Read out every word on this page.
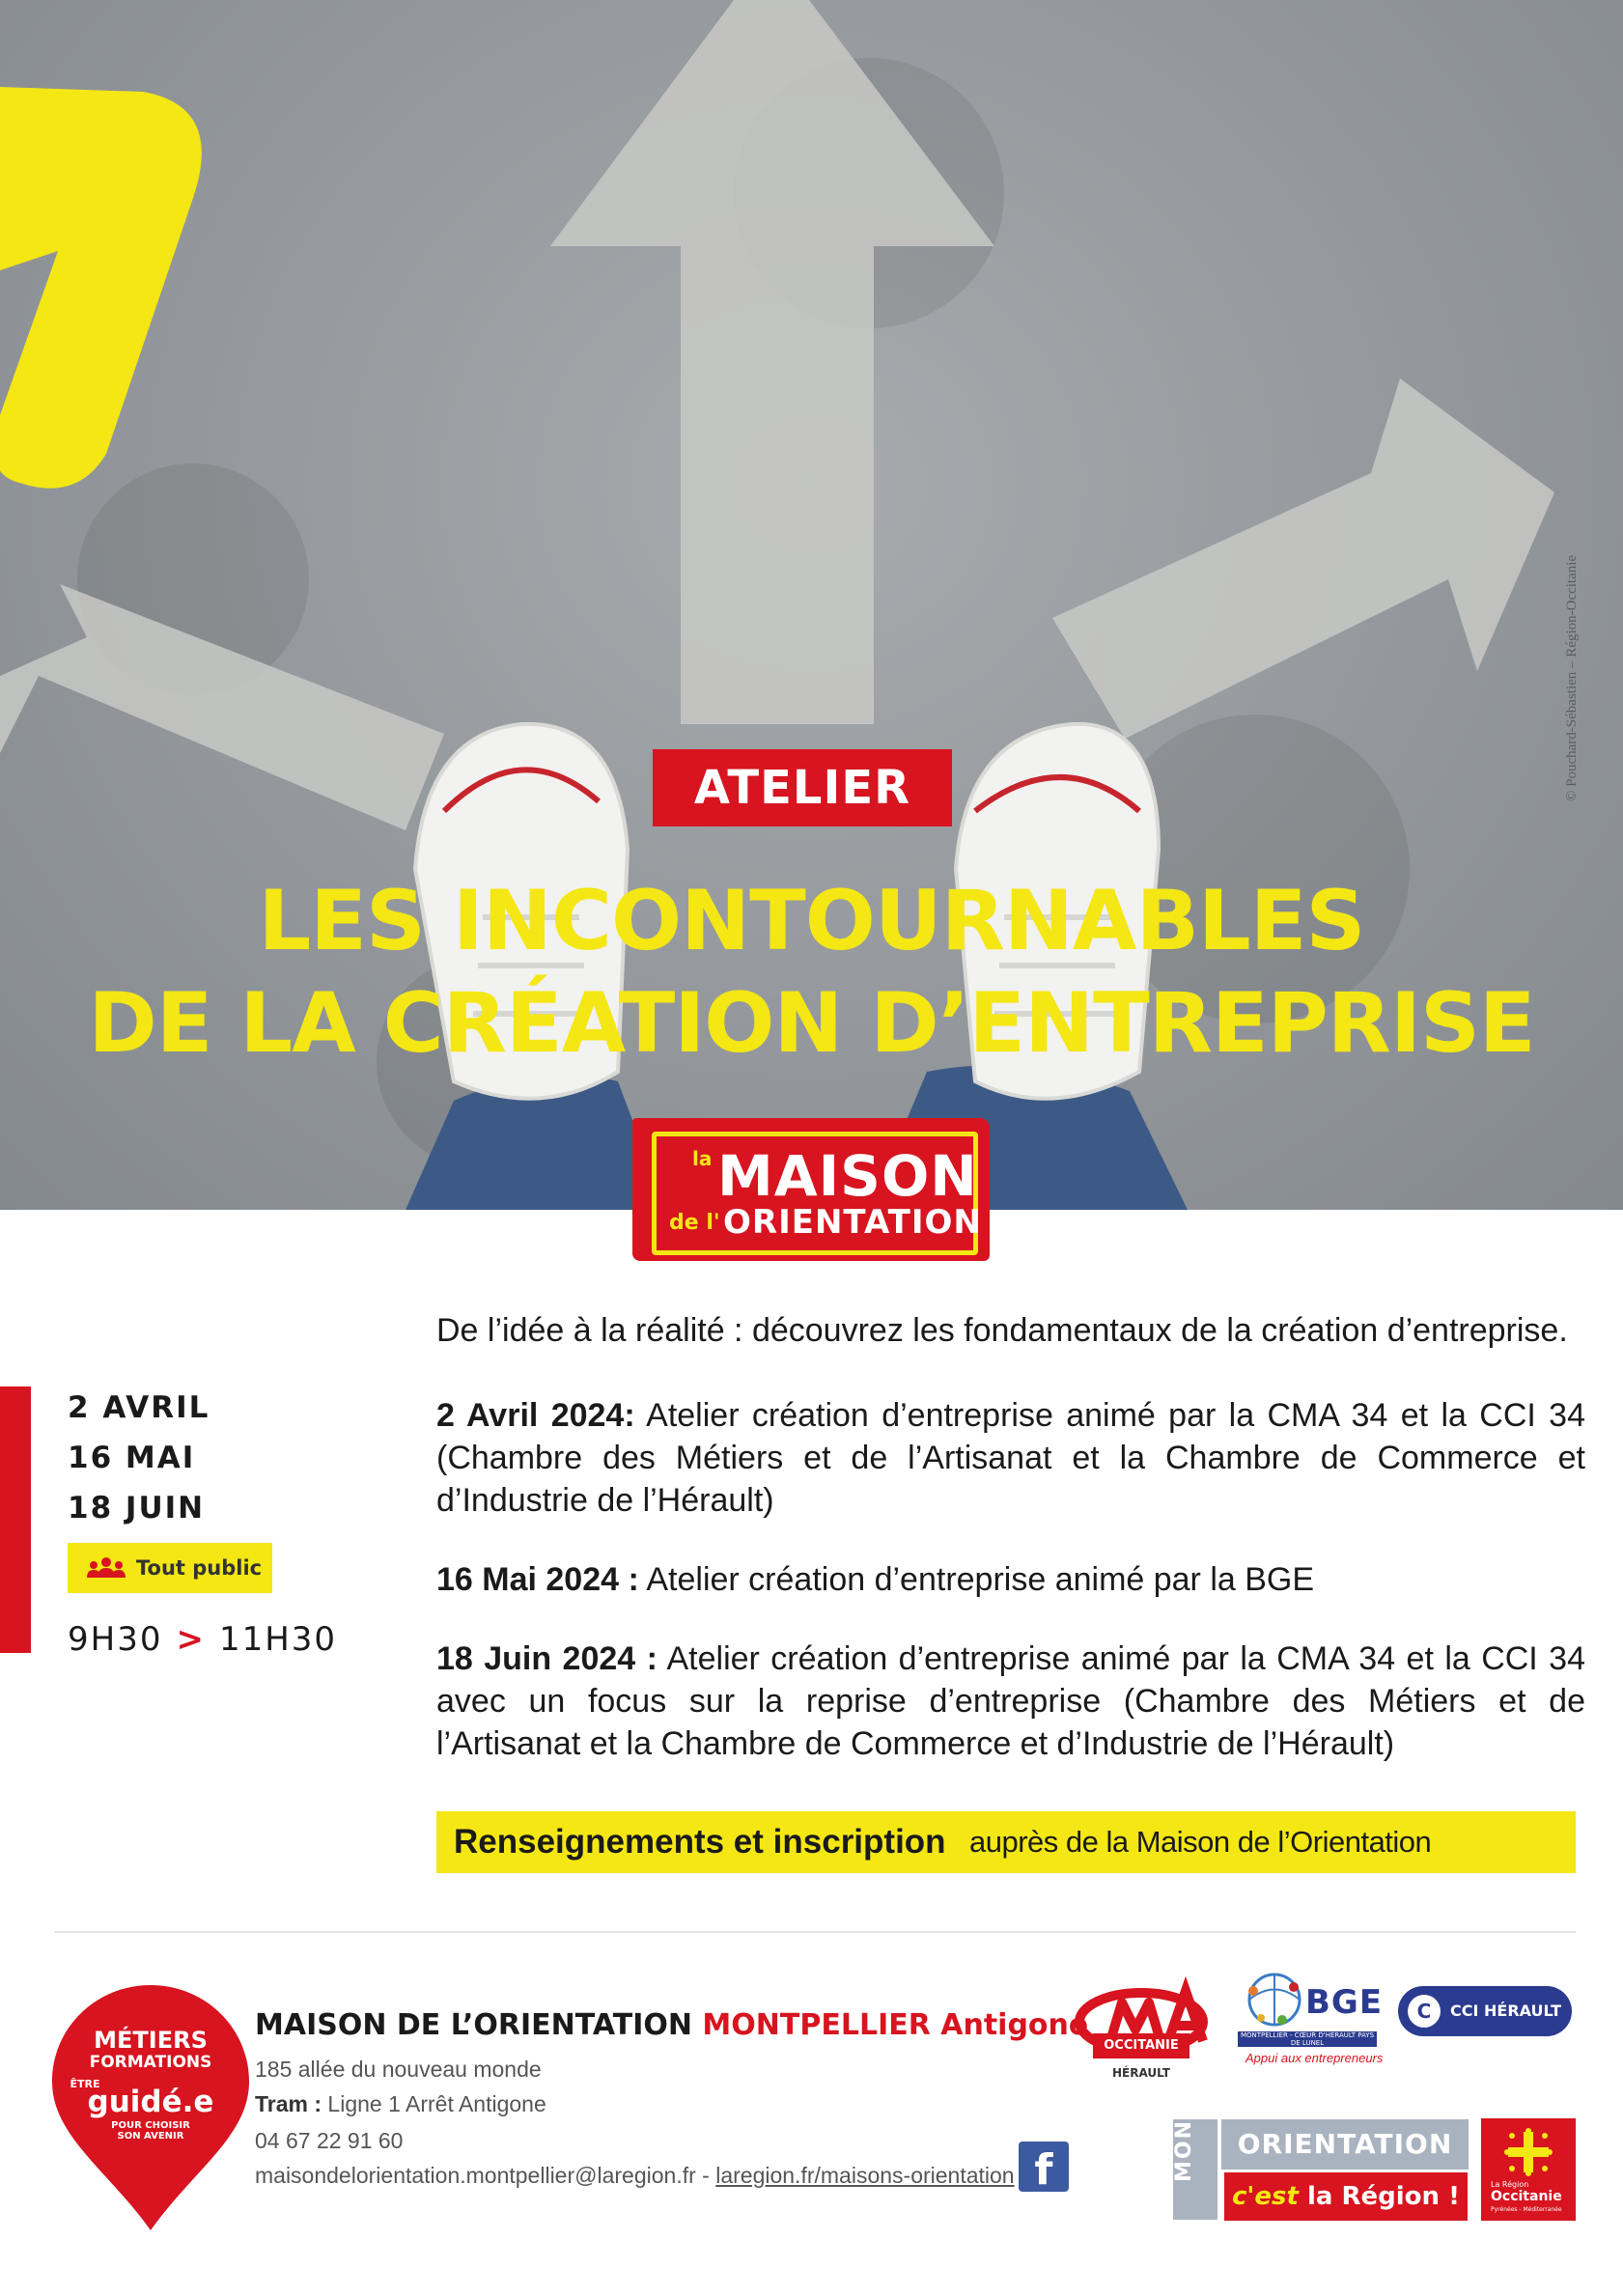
© Pouchard-Sébastien – Région-Occitanie
ATELIER
LES INCONTOURNABLES
DE LA CRÉATION D’ENTREPRISE
la MAISON
de l' ORIENTATION
2 AVRIL
16 MAI
18 JUIN
Tout public
9H30 > 11H30

De l’idée à la réalité : découvrez les fondamentaux de la création d’entreprise.

2 Avril 2024: Atelier création d’entreprise animé par la CMA 34 et la CCI 34 (Chambre des Métiers et de l’Artisanat et la Chambre de Commerce et d’Industrie de l’Hérault)

16 Mai 2024 : Atelier création d’entreprise animé par la BGE

18 Juin 2024 : Atelier création d’entreprise animé par la CMA 34 et la CCI 34 avec un focus sur la reprise d’entreprise (Chambre des Métiers et de l’Artisanat et la Chambre de Commerce et d’Industrie de l’Hérault)

Renseignements et inscription auprès de la Maison de l’Orientation
MÉTIERS
FORMATIONS
ÊTRE
guidé.e
POUR CHOISIR
SON AVENIR
MAISON DE L’ORIENTATION MONTPELLIER Antigone
185 allée du nouveau monde
Tram : Ligne 1 Arrêt Antigone
04 67 22 91 60
maisondelorientation.montpellier@laregion.fr - laregion.fr/maisons-orientation f
OCCITANIE
HÉRAULT
BGE
MONTPELLIER - CŒUR D'HÉRAULT PAYS DE LUNEL
Appui aux entrepreneurs
C	CCI HÉRAULT
MON	ORIENTATION
c'est la Région !	La Région
Occitanie
Pyrénées - Méditerranée
